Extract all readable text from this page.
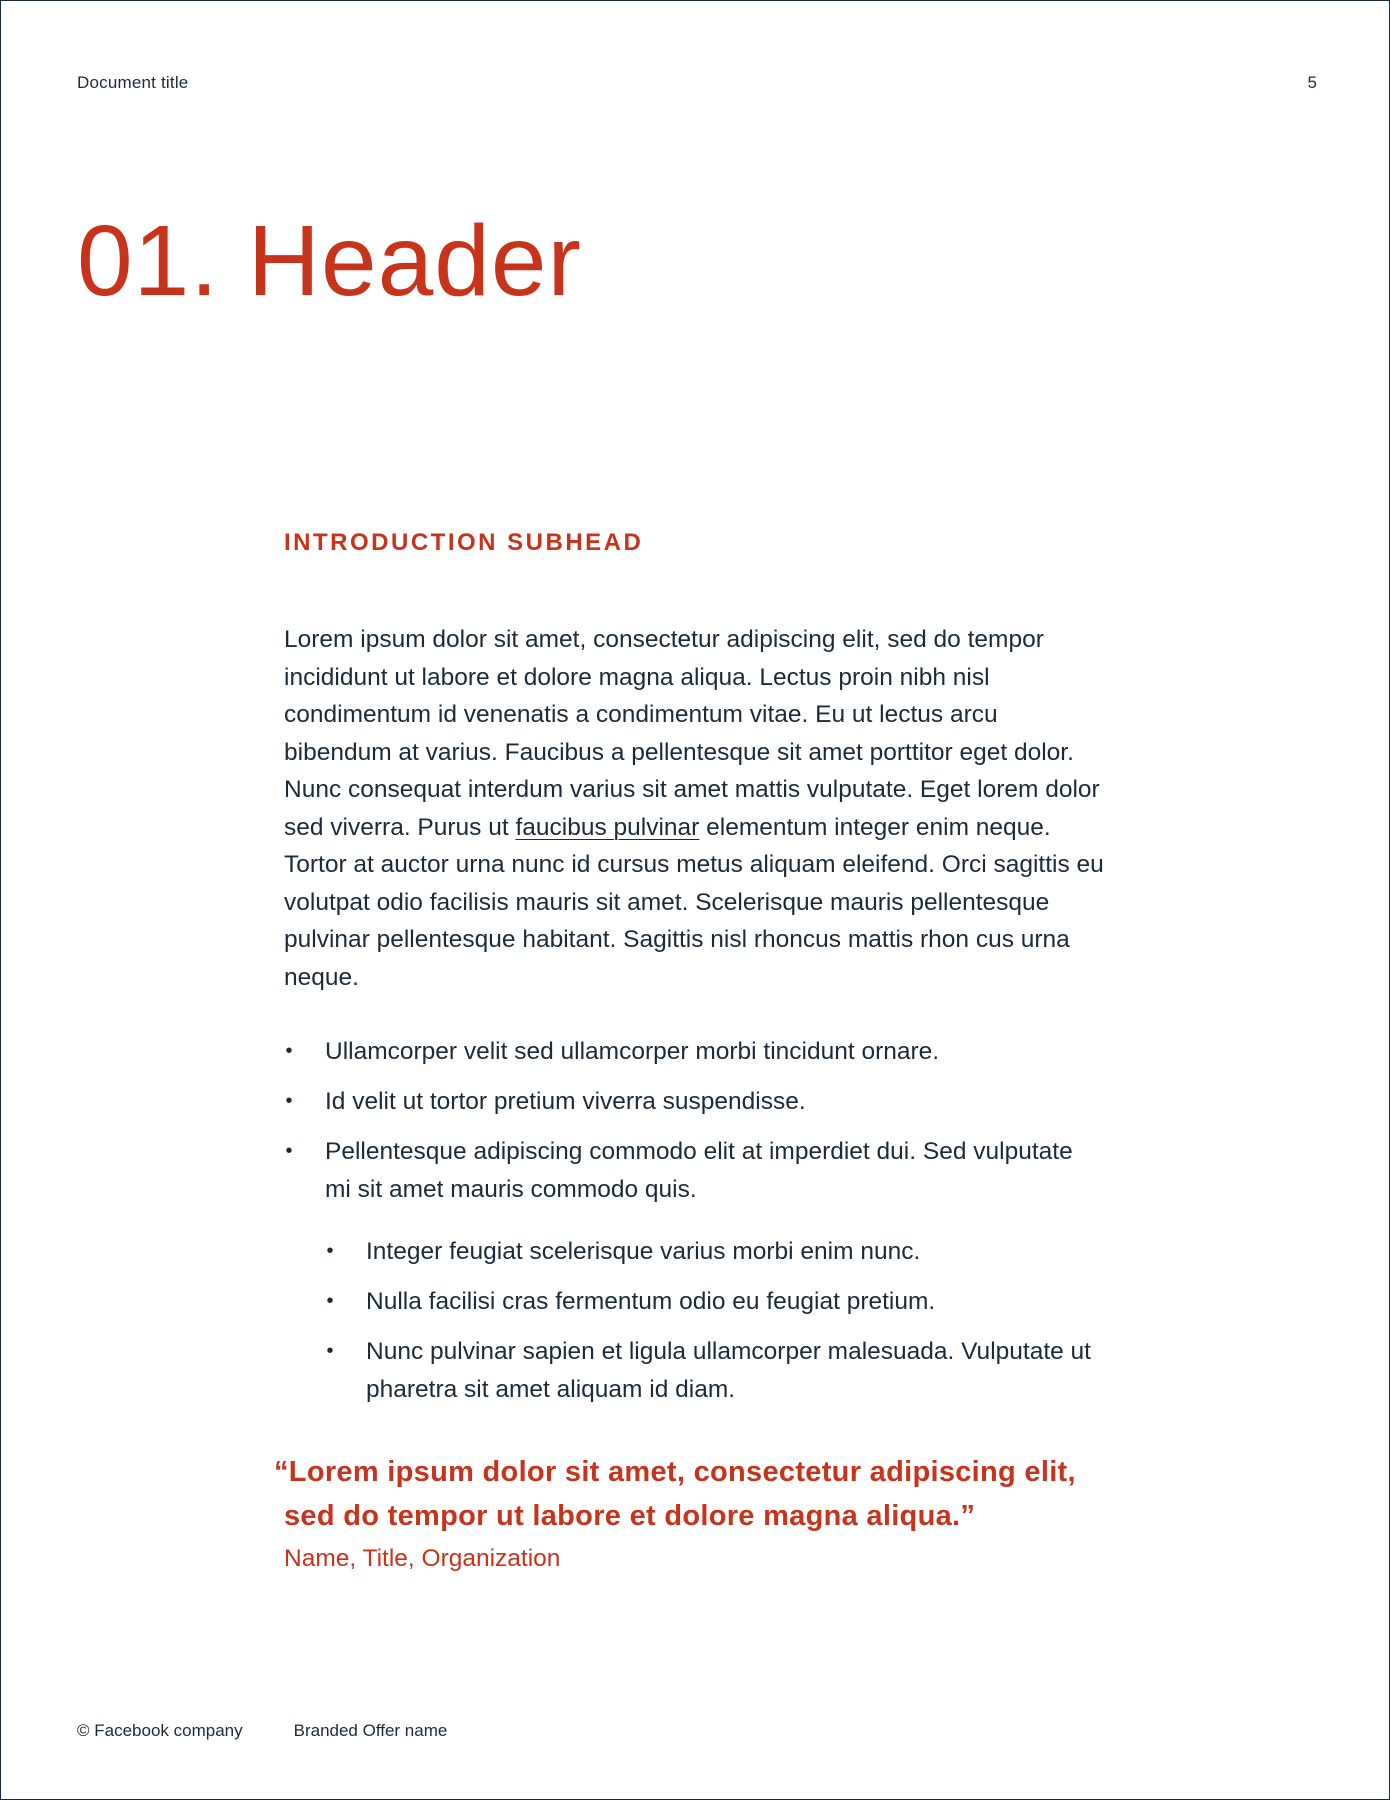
Document title	5
01. Header
INTRODUCTION SUBHEAD

Lorem ipsum dolor sit amet, consectetur adipiscing elit, sed do tempor incididunt ut labore et dolore magna aliqua. Lectus proin nibh nisl condimentum id venenatis a condimentum vitae. Eu ut lectus arcu bibendum at varius. Faucibus a pellentesque sit amet porttitor eget dolor. Nunc consequat interdum varius sit amet mattis vulputate. Eget lorem dolor sed viverra. Purus ut faucibus pulvinar elementum integer enim neque. Tortor at auctor urna nunc id cursus metus aliquam eleifend. Orci sagittis eu volutpat odio facilisis mauris sit amet. Scelerisque mauris pellentesque pulvinar pellentesque habitant. Sagittis nisl rhoncus mattis rhon cus urna neque.

• Ullamcorper velit sed ullamcorper morbi tincidunt ornare.
• Id velit ut tortor pretium viverra suspendisse.
• Pellentesque adipiscing commodo elit at imperdiet dui. Sed vulputate mi sit amet mauris commodo quis.
• Integer feugiat scelerisque varius morbi enim nunc.
• Nulla facilisi cras fermentum odio eu feugiat pretium.
• Nunc pulvinar sapien et ligula ullamcorper malesuada. Vulputate ut pharetra sit amet aliquam id diam.
“Lorem ipsum dolor sit amet, consectetur adipiscing elit,
sed do tempor ut labore et dolore magna aliqua.”
Name, Title, Organization
© Facebook company	Branded Offer name
